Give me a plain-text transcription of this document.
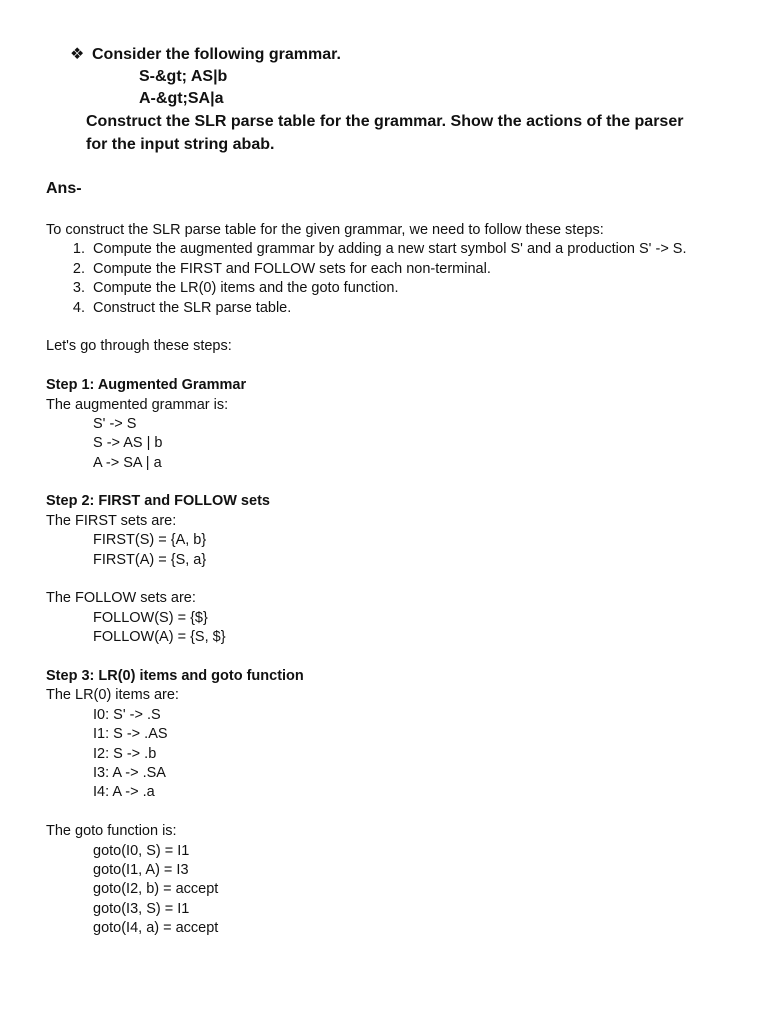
❖ Consider the following grammar.
S-&gt; AS|b
A-&gt;SA|a
Construct the SLR parse table for the grammar. Show the actions of the parser
for the input string abab.
Ans-
To construct the SLR parse table for the given grammar, we need to follow these steps:
1. Compute the augmented grammar by adding a new start symbol S' and a production S' -> S.
2. Compute the FIRST and FOLLOW sets for each non-terminal.
3. Compute the LR(0) items and the goto function.
4. Construct the SLR parse table.
Let's go through these steps:
Step 1: Augmented Grammar
The augmented grammar is:
S' -> S
S -> AS | b
A -> SA | a
Step 2: FIRST and FOLLOW sets
The FIRST sets are:
FIRST(S) = {A, b}
FIRST(A) = {S, a}
The FOLLOW sets are:
FOLLOW(S) = {$}
FOLLOW(A) = {S, $}
Step 3: LR(0) items and goto function
The LR(0) items are:
I0: S' -> .S
I1: S -> .AS
I2: S -> .b
I3: A -> .SA
I4: A -> .a
The goto function is:
goto(I0, S) = I1
goto(I1, A) = I3
goto(I2, b) = accept
goto(I3, S) = I1
goto(I4, a) = accept
